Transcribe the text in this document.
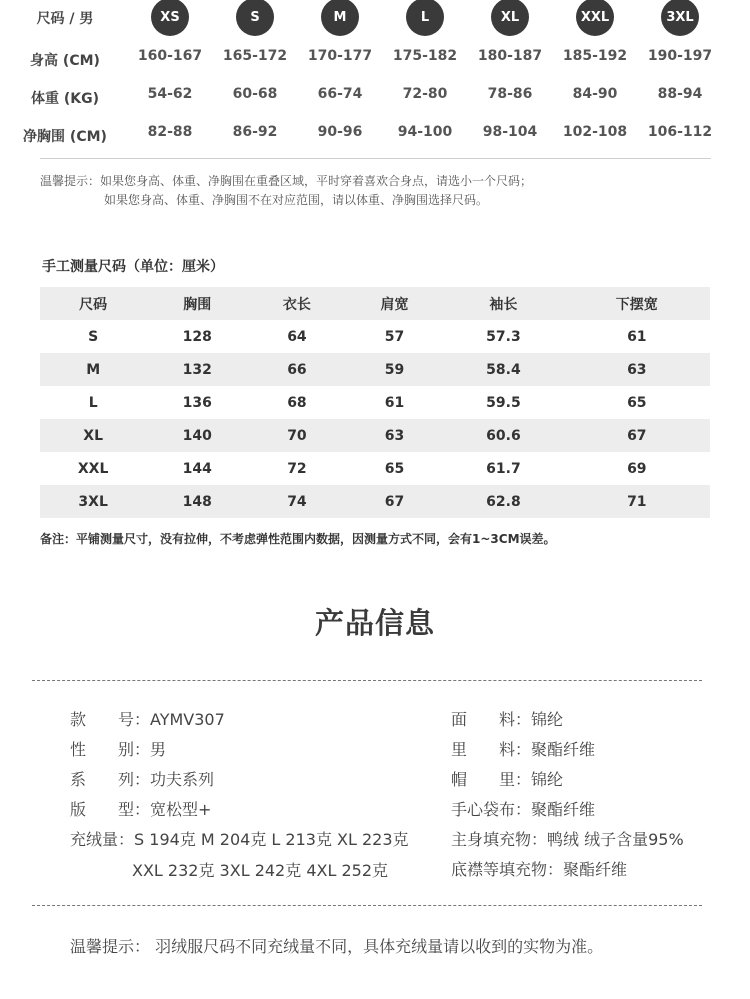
尺码 / 男	XS	S	M	L	XL	XXL	3XL
身高 (CM)	160-167	165-172	170-177	175-182	180-187	185-192	190-197
体重 (KG)	54-62	60-68	66-74	72-80	78-86	84-90	88-94
净胸围 (CM)	82-88	86-92	90-96	94-100	98-104	102-108	106-112
温馨提示：如果您身高、体重、净胸围在重叠区域，平时穿着喜欢合身点，请选小一个尺码；
如果您身高、体重、净胸围不在对应范围，请以体重、净胸围选择尺码。
手工测量尺码（单位：厘米）
尺码	胸围	衣长	肩宽	袖长	下摆宽
S	128	64	57	57.3	61
M	132	66	59	58.4	63
L	136	68	61	59.5	65
XL	140	70	63	60.6	67
XXL	144	72	65	61.7	69
3XL	148	74	67	62.8	71
备注：平铺测量尺寸，没有拉伸，不考虑弹性范围内数据，因测量方式不同，会有1~3CM误差。
产品信息
款　　号：AYMV307
性　　别：男
系　　列：功夫系列
版　　型：宽松型+
充绒量：S 194克 M 204克 L 213克 XL 223克
XXL 232克 3XL 242克 4XL 252克
面　　料：锦纶
里　　料：聚酯纤维
帽　　里：锦纶
手心袋布：聚酯纤维
主身填充物：鸭绒 绒子含量95%
底襟等填充物：聚酯纤维
温馨提示： 羽绒服尺码不同充绒量不同，具体充绒量请以收到的实物为准。
